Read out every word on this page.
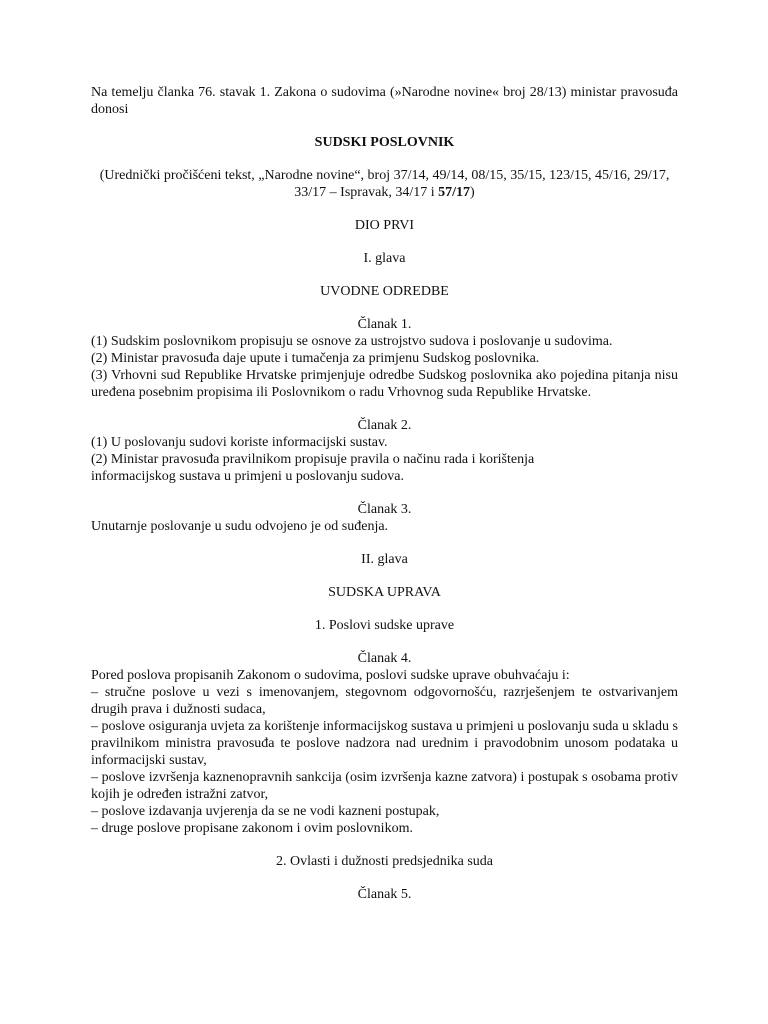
Na temelju članka 76. stavak 1. Zakona o sudovima (»Narodne novine« broj 28/13) ministar pravosuđa donosi

SUDSKI POSLOVNIK

(Urednički pročišćeni tekst, „Narodne novine“, broj 37/14, 49/14, 08/15, 35/15, 123/15, 45/16, 29/17, 33/17 – Ispravak, 34/17 i 57/17)

DIO PRVI

I. glava

UVODNE ODREDBE

Članak 1.

(1) Sudskim poslovnikom propisuju se osnove za ustrojstvo sudova i poslovanje u sudovima.

(2) Ministar pravosuđa daje upute i tumačenja za primjenu Sudskog poslovnika.

(3) Vrhovni sud Republike Hrvatske primjenjuje odredbe Sudskog poslovnika ako pojedina pitanja nisu uređena posebnim propisima ili Poslovnikom o radu Vrhovnog suda Republike Hrvatske.

Članak 2.

(1) U poslovanju sudovi koriste informacijski sustav.

(2) Ministar pravosuđa pravilnikom propisuje pravila o načinu rada i korištenja informacijskog sustava u primjeni u poslovanju sudova.

Članak 3.

Unutarnje poslovanje u sudu odvojeno je od suđenja.

II. glava

SUDSKA UPRAVA

1. Poslovi sudske uprave

Članak 4.

Pored poslova propisanih Zakonom o sudovima, poslovi sudske uprave obuhvaćaju i:

– stručne poslove u vezi s imenovanjem, stegovnom odgovornošću, razrješenjem te ostvarivanjem drugih prava i dužnosti sudaca,

– poslove osiguranja uvjeta za korištenje informacijskog sustava u primjeni u poslovanju suda u skladu s pravilnikom ministra pravosuđa te poslove nadzora nad urednim i pravodobnim unosom podataka u informacijski sustav,

– poslove izvršenja kaznenopravnih sankcija (osim izvršenja kazne zatvora) i postupak s osobama protiv kojih je određen istražni zatvor,

– poslove izdavanja uvjerenja da se ne vodi kazneni postupak,

– druge poslove propisane zakonom i ovim poslovnikom.

2. Ovlasti i dužnosti predsjednika suda

Članak 5.
